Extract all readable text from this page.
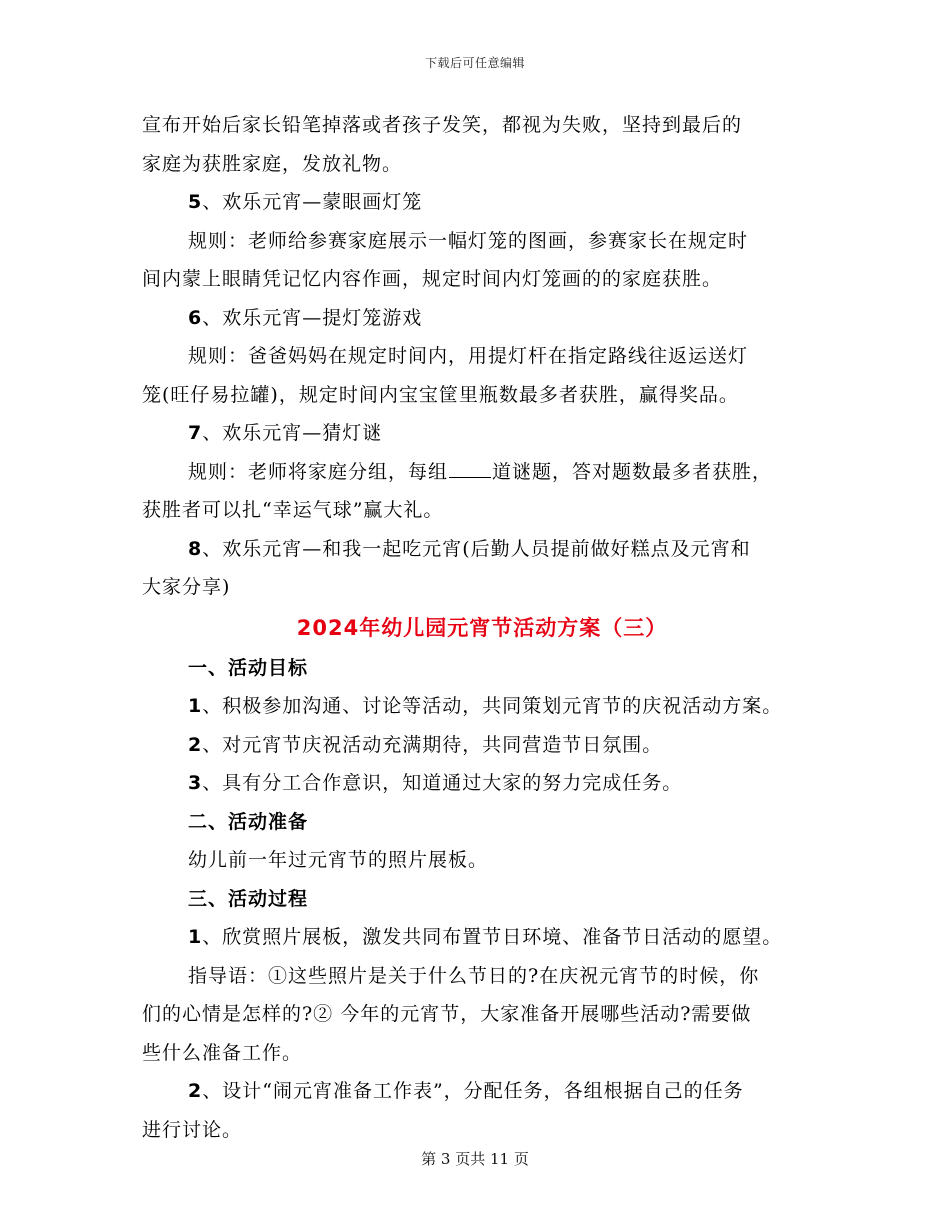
下载后可任意编辑
宣布开始后家长铅笔掉落或者孩子发笑，都视为失败，坚持到最后的
家庭为获胜家庭，发放礼物。
5、欢乐元宵—蒙眼画灯笼
规则：老师给参赛家庭展示一幅灯笼的图画，参赛家长在规定时
间内蒙上眼睛凭记忆内容作画，规定时间内灯笼画的的家庭获胜。
6、欢乐元宵—提灯笼游戏
规则：爸爸妈妈在规定时间内，用提灯杆在指定路线往返运送灯
笼(旺仔易拉罐)，规定时间内宝宝筐里瓶数最多者获胜，赢得奖品。
7、欢乐元宵—猜灯谜
规则：老师将家庭分组，每组 道谜题，答对题数最多者获胜，
获胜者可以扎“幸运气球”赢大礼。
8、欢乐元宵—和我一起吃元宵(后勤人员提前做好糕点及元宵和
大家分享)
2024年幼儿园元宵节活动方案（三）
一、活动目标
1、积极参加沟通、讨论等活动，共同策划元宵节的庆祝活动方案。
2、对元宵节庆祝活动充满期待，共同营造节日氛围。
3、具有分工合作意识，知道通过大家的努力完成任务。
二、活动准备
幼儿前一年过元宵节的照片展板。
三、活动过程
1、欣赏照片展板，激发共同布置节日环境、准备节日活动的愿望。
指导语：①这些照片是关于什么节日的?在庆祝元宵节的时候，你
们的心情是怎样的?② 今年的元宵节，大家准备开展哪些活动?需要做
些什么准备工作。
2、设计“闹元宵准备工作表”，分配任务，各组根据自己的任务
进行讨论。
第 3 页共 11 页
